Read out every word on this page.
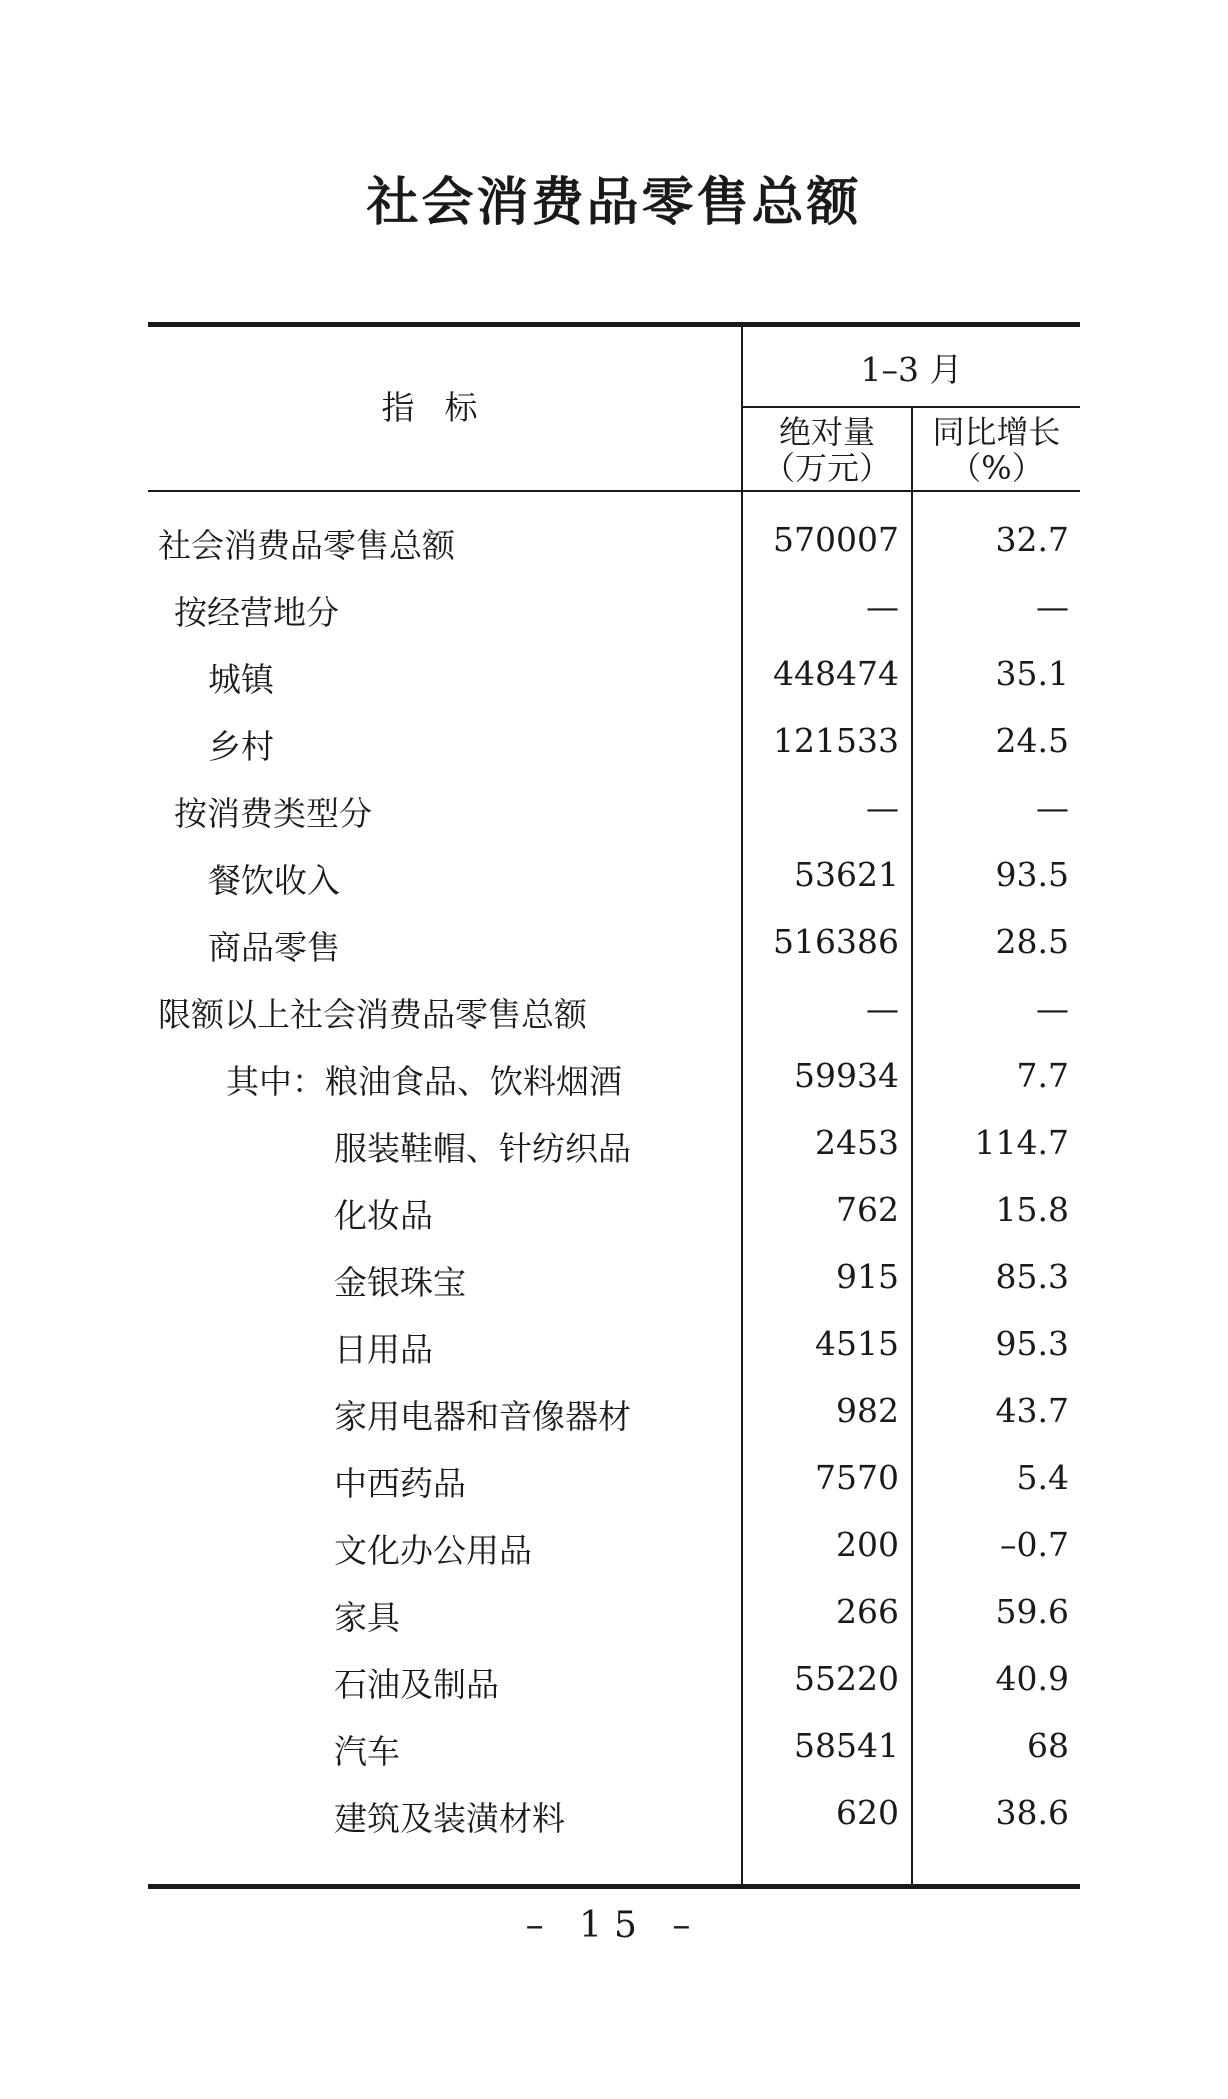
社会消费品零售总额
指标
1–3 月
绝对量
（万元）
同比增长
（%）
社会消费品零售总额	570007	32.7
按经营地分	—	—
城镇	448474	35.1
乡村	121533	24.5
按消费类型分	—	—
餐饮收入	53621	93.5
商品零售	516386	28.5
限额以上社会消费品零售总额	—	—
其中：粮油食品、饮料烟酒	59934	7.7
服装鞋帽、针纺织品	2453	114.7
化妆品	762	15.8
金银珠宝	915	85.3
日用品	4515	95.3
家用电器和音像器材	982	43.7
中西药品	7570	5.4
文化办公用品	200	–0.7
家具	266	59.6
石油及制品	55220	40.9
汽车	58541	68
建筑及装潢材料	620	38.6
– 15 –
